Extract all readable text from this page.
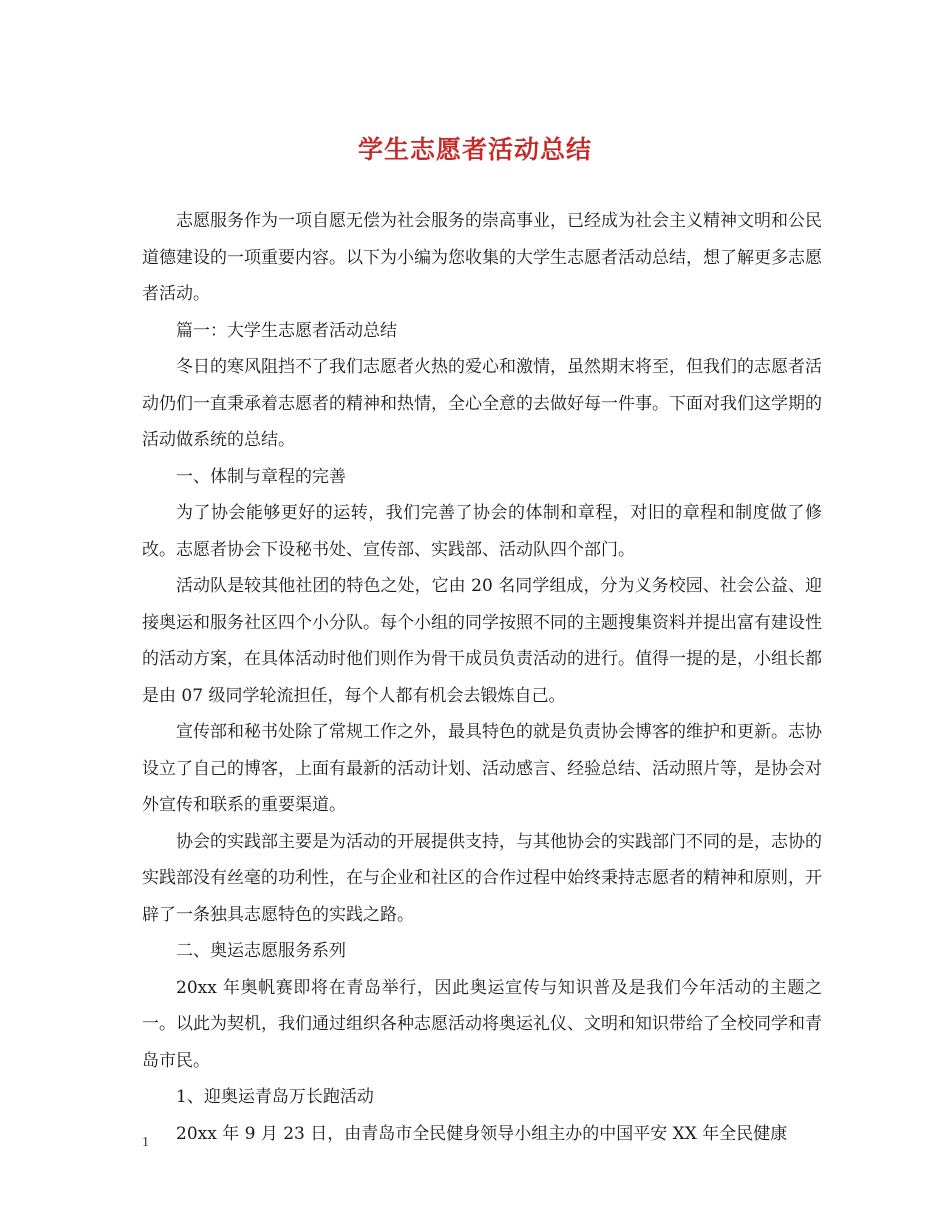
学生志愿者活动总结

志愿服务作为一项自愿无偿为社会服务的崇高事业，已经成为社会主义精神文明和公民道德建设的一项重要内容。以下为小编为您收集的大学生志愿者活动总结，想了解更多志愿者活动。

篇一：大学生志愿者活动总结

冬日的寒风阻挡不了我们志愿者火热的爱心和激情，虽然期末将至，但我们的志愿者活动仍们一直秉承着志愿者的精神和热情，全心全意的去做好每一件事。下面对我们这学期的活动做系统的总结。

一、体制与章程的完善

为了协会能够更好的运转，我们完善了协会的体制和章程，对旧的章程和制度做了修改。志愿者协会下设秘书处、宣传部、实践部、活动队四个部门。

活动队是较其他社团的特色之处，它由 20 名同学组成，分为义务校园、社会公益、迎接奥运和服务社区四个小分队。每个小组的同学按照不同的主题搜集资料并提出富有建设性的活动方案，在具体活动时他们则作为骨干成员负责活动的进行。值得一提的是，小组长都是由 07 级同学轮流担任，每个人都有机会去锻炼自己。

宣传部和秘书处除了常规工作之外，最具特色的就是负责协会博客的维护和更新。志协设立了自己的博客，上面有最新的活动计划、活动感言、经验总结、活动照片等，是协会对外宣传和联系的重要渠道。

协会的实践部主要是为活动的开展提供支持，与其他协会的实践部门不同的是，志协的实践部没有丝毫的功利性，在与企业和社区的合作过程中始终秉持志愿者的精神和原则，开辟了一条独具志愿特色的实践之路。

二、奥运志愿服务系列

20xx 年奥帆赛即将在青岛举行，因此奥运宣传与知识普及是我们今年活动的主题之一。以此为契机，我们通过组织各种志愿活动将奥运礼仪、文明和知识带给了全校同学和青岛市民。

1、迎奥运青岛万长跑活动

20xx 年 9 月 23 日，由青岛市全民健身领导小组主办的中国平安 XX 年全民健康

1
